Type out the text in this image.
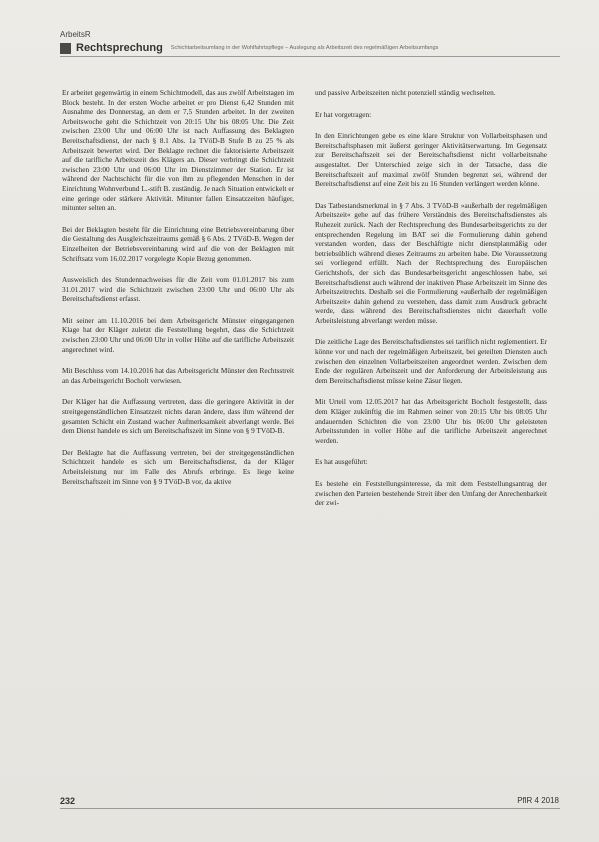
ArbeitsR
Rechtsprechung Schichtarbeitsumfang in der Wohlfahrtspflege – Auslegung als Arbeitszeit des regelmäßigen Arbeitsumfangs

Er arbeitet gegenwärtig in einem Schichtmodell, das aus zwölf Arbeitstagen im Block besteht. In der ersten Woche arbeitet er pro Dienst 6,42 Stunden mit Ausnahme des Donnerstag, an dem er 7,5 Stunden arbeitet. In der zweiten Arbeitswoche geht die Schichtzeit von 20:15 Uhr bis 08:05 Uhr. Die Zeit zwischen 23:00 Uhr und 06:00 Uhr ist nach Auffassung des Beklagten Bereitschaftsdienst, der nach § 8.1 Abs. 1a TVöD-B Stufe B zu 25 % als Arbeitszeit bewertet wird. Der Beklagte rechnet die faktorisierte Arbeitszeit auf die tarifliche Arbeitszeit des Klägers an. Dieser verbringt die Schichtzeit zwischen 23:00 Uhr und 06:00 Uhr im Dienstzimmer der Station. Er ist während der Nachtschicht für die von ihm zu pflegenden Menschen in der Einrichtung Wohnverbund L.-stift B. zuständig. Je nach Situation entwickelt er eine geringe oder stärkere Aktivität. Mitunter fallen Einsatzzeiten häufiger, mitunter selten an.

Bei der Beklagten besteht für die Einrichtung eine Betriebsvereinbarung über die Gestaltung des Ausgleichszeitraums gemäß § 6 Abs. 2 TVöD-B. Wegen der Einzelheiten der Betriebsvereinbarung wird auf die von der Beklagten mit Schriftsatz vom 16.02.2017 vorgelegte Kopie Bezug genommen.

Ausweislich des Stundennachweises für die Zeit vom 01.01.2017 bis zum 31.01.2017 wird die Schichtzeit zwischen 23:00 Uhr und 06:00 Uhr als Bereitschaftsdienst erfasst.

Mit seiner am 11.10.2016 bei dem Arbeitsgericht Münster eingegangenen Klage hat der Kläger zuletzt die Feststellung begehrt, dass die Schichtzeit zwischen 23:00 Uhr und 06:00 Uhr in voller Höhe auf die tarifliche Arbeitszeit angerechnet wird.

Mit Beschluss vom 14.10.2016 hat das Arbeitsgericht Münster den Rechtsstreit an das Arbeitsgericht Bocholt verwiesen.

Der Kläger hat die Auffassung vertreten, dass die geringere Aktivität in der streitgegenständlichen Einsatzzeit nichts daran ändere, dass ihm während der gesamten Schicht ein Zustand wacher Aufmerksamkeit abverlangt werde. Bei dem Dienst handele es sich um Bereitschaftszeit im Sinne von § 9 TVöD-B.

Der Beklagte hat die Auffassung vertreten, bei der streitgegenständlichen Schichtzeit handele es sich um Bereitschaftsdienst, da der Kläger Arbeitsleistung nur im Falle des Abrufs erbringe. Es liege keine Bereitschaftszeit im Sinne von § 9 TVöD-B vor, da aktive

und passive Arbeitszeiten nicht potenziell ständig wechselten.

Er hat vorgetragen:

In den Einrichtungen gebe es eine klare Struktur von Vollarbeitsphasen und Bereitschaftsphasen mit äußerst geringer Aktivitätserwartung. Im Gegensatz zur Bereitschaftszeit sei der Bereitschaftsdienst nicht vollarbeitsnahe ausgestaltet. Der Unterschied zeige sich in der Tatsache, dass die Bereitschaftszeit auf maximal zwölf Stunden begrenzt sei, während der Bereitschaftsdienst auf eine Zeit bis zu 16 Stunden verlängert werden könne.

Das Tatbestandsmerkmal in § 7 Abs. 3 TVöD-B »außerhalb der regelmäßigen Arbeitszeit« gehe auf das frühere Verständnis des Bereitschaftsdienstes als Ruhezeit zurück. Nach der Rechtsprechung des Bundesarbeitsgerichts zu der entsprechenden Regelung im BAT sei die Formulierung dahin gehend verstanden worden, dass der Beschäftigte nicht dienstplanmäßig oder betriebsüblich während dieses Zeitraums zu arbeiten habe. Die Voraussetzung sei vorliegend erfüllt. Nach der Rechtsprechung des Europäischen Gerichtshofs, der sich das Bundesarbeitsgericht angeschlossen habe, sei Bereitschaftsdienst auch während der inaktiven Phase Arbeitszeit im Sinne des Arbeitszeitrechts. Deshalb sei die Formulierung »außerhalb der regelmäßigen Arbeitszeit« dahin gehend zu verstehen, dass damit zum Ausdruck gebracht werde, dass während des Bereitschaftsdienstes nicht dauerhaft volle Arbeitsleistung abverlangt werden müsse.

Die zeitliche Lage des Bereitschaftsdienstes sei tariflich nicht reglementiert. Er könne vor und nach der regelmäßigen Arbeitszeit, bei geteilten Diensten auch zwischen den einzelnen Vollarbeitszeiten angeordnet werden. Zwischen dem Ende der regulären Arbeitszeit und der Anforderung der Arbeitsleistung aus dem Bereitschaftsdienst müsse keine Zäsur liegen.

Mit Urteil vom 12.05.2017 hat das Arbeitsgericht Bocholt festgestellt, dass dem Kläger zukünftig die im Rahmen seiner von 20:15 Uhr bis 08:05 Uhr andauernden Schichten die von 23:00 Uhr bis 06:00 Uhr geleisteten Arbeitsstunden in voller Höhe auf die tarifliche Arbeitszeit angerechnet werden.

Es hat ausgeführt:

Es bestehe ein Feststellungsinteresse, da mit dem Feststellungsantrag der zwischen den Parteien bestehende Streit über den Umfang der Anrechenbarkeit der zwi-

232	PflR 4 2018
